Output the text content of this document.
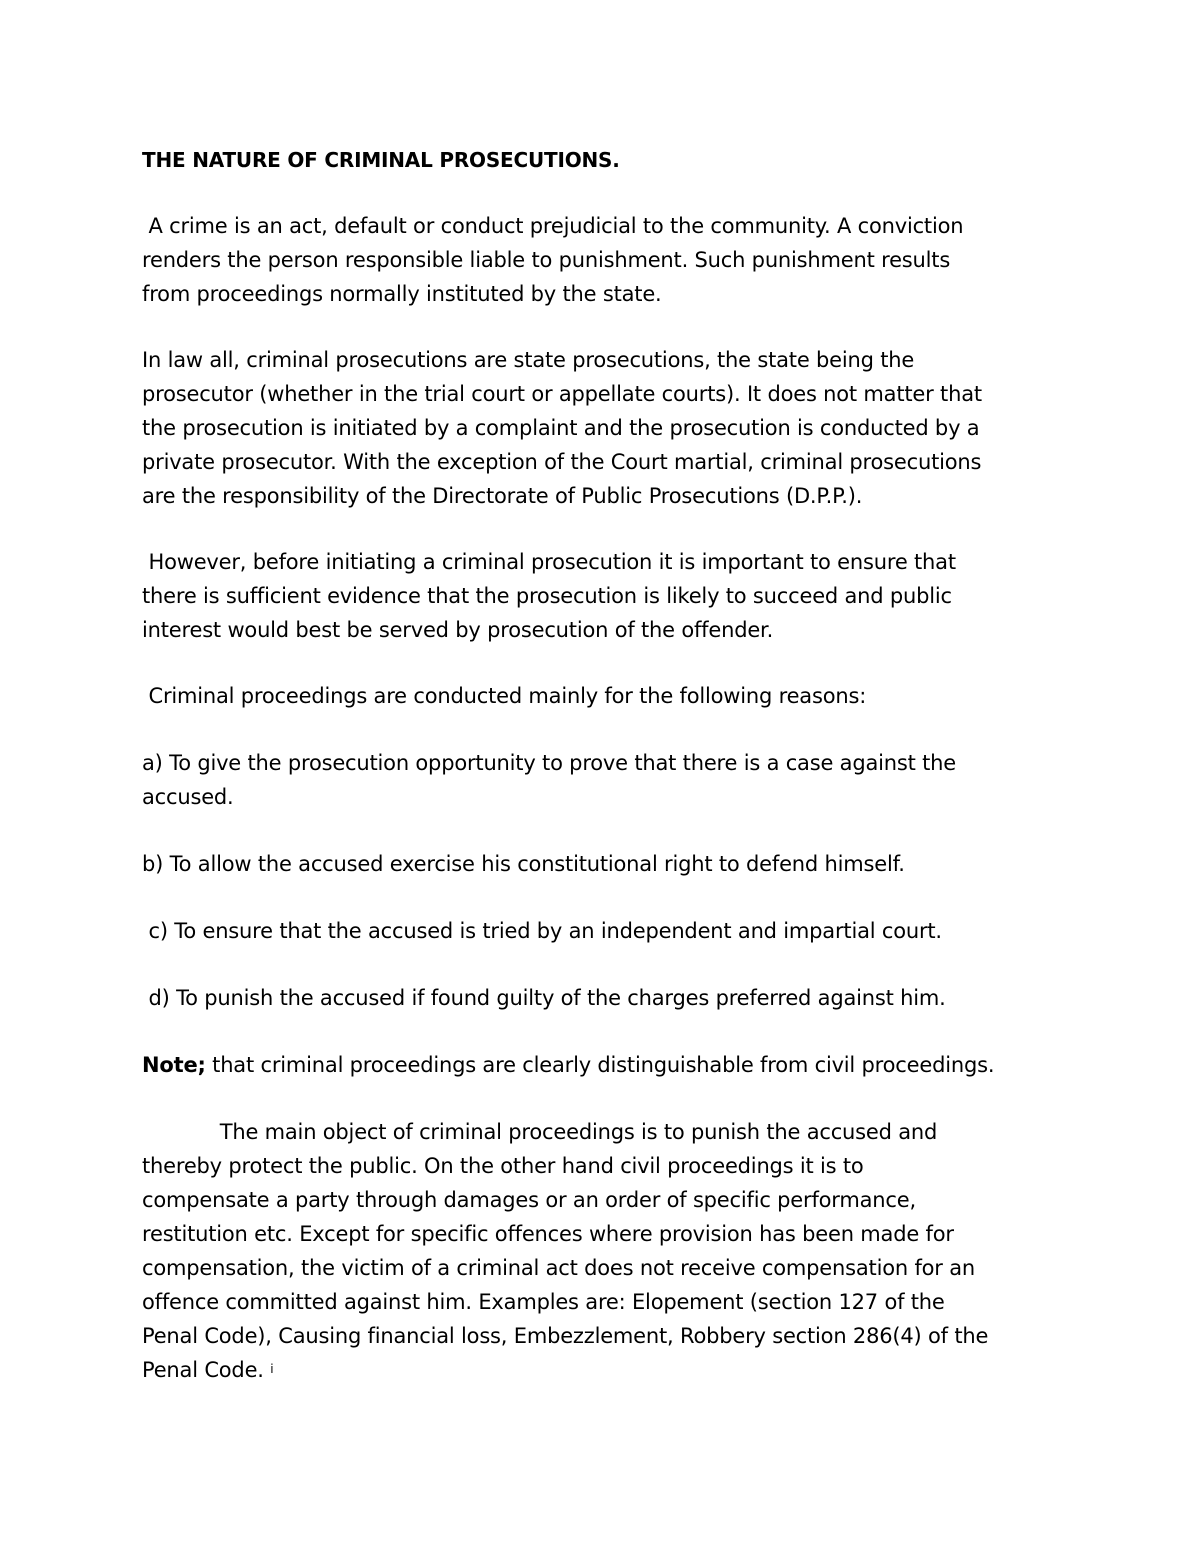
THE NATURE OF CRIMINAL PROSECUTIONS.
A crime is an act, default or conduct prejudicial to the community. A conviction
renders the person responsible liable to punishment. Such punishment results
from proceedings normally instituted by the state.
In law all, criminal prosecutions are state prosecutions, the state being the
prosecutor (whether in the trial court or appellate courts). It does not matter that
the prosecution is initiated by a complaint and the prosecution is conducted by a
private prosecutor. With the exception of the Court martial, criminal prosecutions
are the responsibility of the Directorate of Public Prosecutions (D.P.P.).
However, before initiating a criminal prosecution it is important to ensure that
there is sufficient evidence that the prosecution is likely to succeed and public
interest would best be served by prosecution of the offender.
Criminal proceedings are conducted mainly for the following reasons:
a) To give the prosecution opportunity to prove that there is a case against the
accused.
b) To allow the accused exercise his constitutional right to defend himself.
c) To ensure that the accused is tried by an independent and impartial court.
d) To punish the accused if found guilty of the charges preferred against him.
Note; that criminal proceedings are clearly distinguishable from civil proceedings.
The main object of criminal proceedings is to punish the accused and
thereby protect the public. On the other hand civil proceedings it is to
compensate a party through damages or an order of specific performance,
restitution etc. Except for specific offences where provision has been made for
compensation, the victim of a criminal act does not receive compensation for an
offence committed against him. Examples are: Elopement (section 127 of the
Penal Code), Causing financial loss, Embezzlement, Robbery section 286(4) of the
Penal Code. $^i$
